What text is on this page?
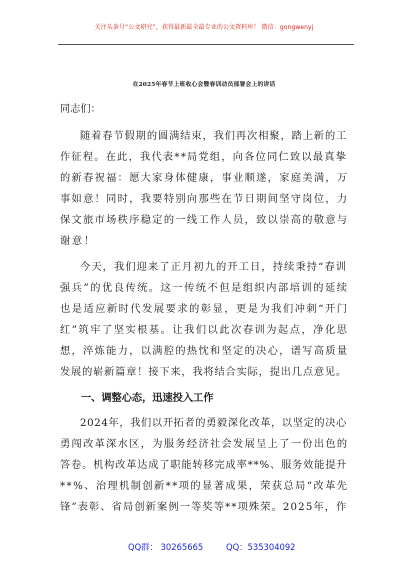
关注头条号“公文研究”，获得最新最全最专业的公文资料库！ 微信：gongwenyj
在2025年春节上班收心会暨春训动员部署会上的讲话
同志们：
随着春节假期的圆满结束，我们再次相聚，踏上新的工
作征程。在此，我代表**局党组，向各位同仁致以最真挚
的新春祝福：愿大家身体健康，事业顺遂，家庭美满，万
事如意！同时，我要特别向那些在节日期间坚守岗位，力
保文旅市场秩序稳定的一线工作人员，致以崇高的敬意与
谢意！
今天，我们迎来了正月初九的开工日，持续秉持“春训
强兵”的优良传统。这一传统不但是组织内部培训的延续
也是适应新时代发展要求的彰显，更是为我们冲刺“开门
红”筑牢了坚实根基。让我们以此次春训为起点，净化思
想，淬炼能力，以满腔的热忱和坚定的决心，谱写高质量
发展的崭新篇章！接下来，我将结合实际，提出几点意见。
一、调整心态，迅速投入工作
2024年，我们以开拓者的勇毅深化改革，以坚定的决心
勇闯改革深水区，为服务经济社会发展呈上了一份出色的
答卷。机构改革达成了职能转移完成率**%、服务效能提升
**%、治理机制创新**项的显著成果，荣获总局“改革先
锋”表彰、省局创新案例一等奖等**项殊荣。2025年，作
QQ群： 30265665	QQ：535304092
